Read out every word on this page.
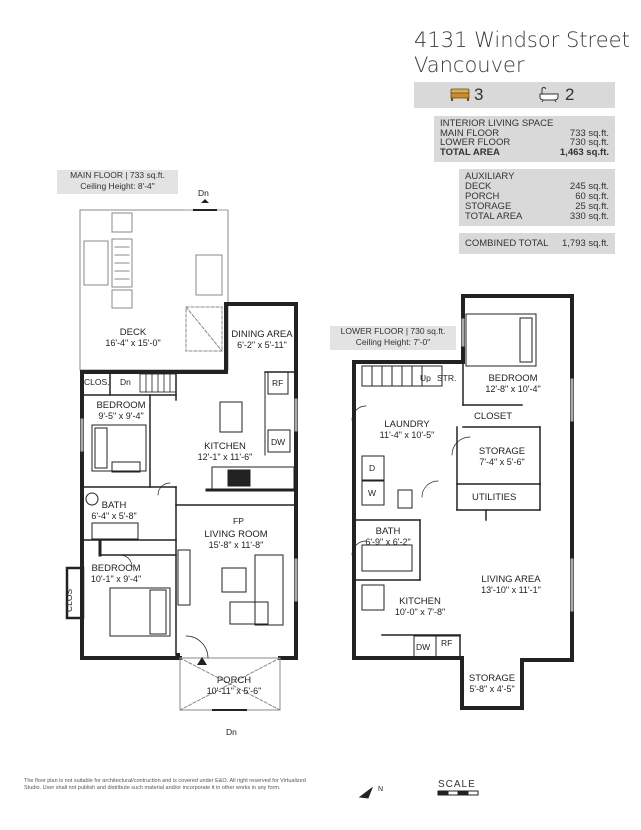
4131 Windsor Street
Vancouver
3	2
INTERIOR LIVING SPACE
MAIN FLOOR	733 sq.ft.
LOWER FLOOR	730 sq.ft.
TOTAL AREA	1,463 sq.ft.
AUXILIARY
DECK	245 sq.ft.
PORCH	60 sq.ft.
STORAGE	25 sq.ft.
TOTAL AREA	330 sq.ft.
COMBINED TOTAL 1,793 sq.ft.
MAIN FLOOR | 733 sq.ft.
Ceiling Height: 8'-4"
Dn
DECK
16'-4" x 15'-0"
DINING AREA
6'-2" x 5'-11"
CLOS. Dn	RF
DW
BEDROOM
9'-5" x 9'-4"
KITCHEN
12'-1" x 11'-6"
BATH
6'-4" x 5'-8"	FP
LIVING ROOM
15'-8" x 11'-8"
BEDROOM
10'-1" x 9'-4"
CLOS
PORCH
10'-11" x 5'-6"
Dn
LOWER FLOOR | 730 sq.ft.
Ceiling Height: 7'-0"
Up STR.	BEDROOM
12'-8" x 10'-4"
CLOSET
LAUNDRY
11'-4" x 10'-5"
STORAGE
7'-4" x 5'-6"
D
W	UTILITIES
BATH
6'-9" x 6'-2"
LIVING AREA
13'-10" x 11'-1"
KITCHEN
10'-0" x 7'-8"
DW RF
STORAGE
5'-8" x 4'-5"
The floor plan is not suitable for architectural/contruction and is covered under E&O. All right reserved for Virtualized Studio. User shall not publish and distribute such material and/or incorporate it in other works in any form.	N	SCALE
